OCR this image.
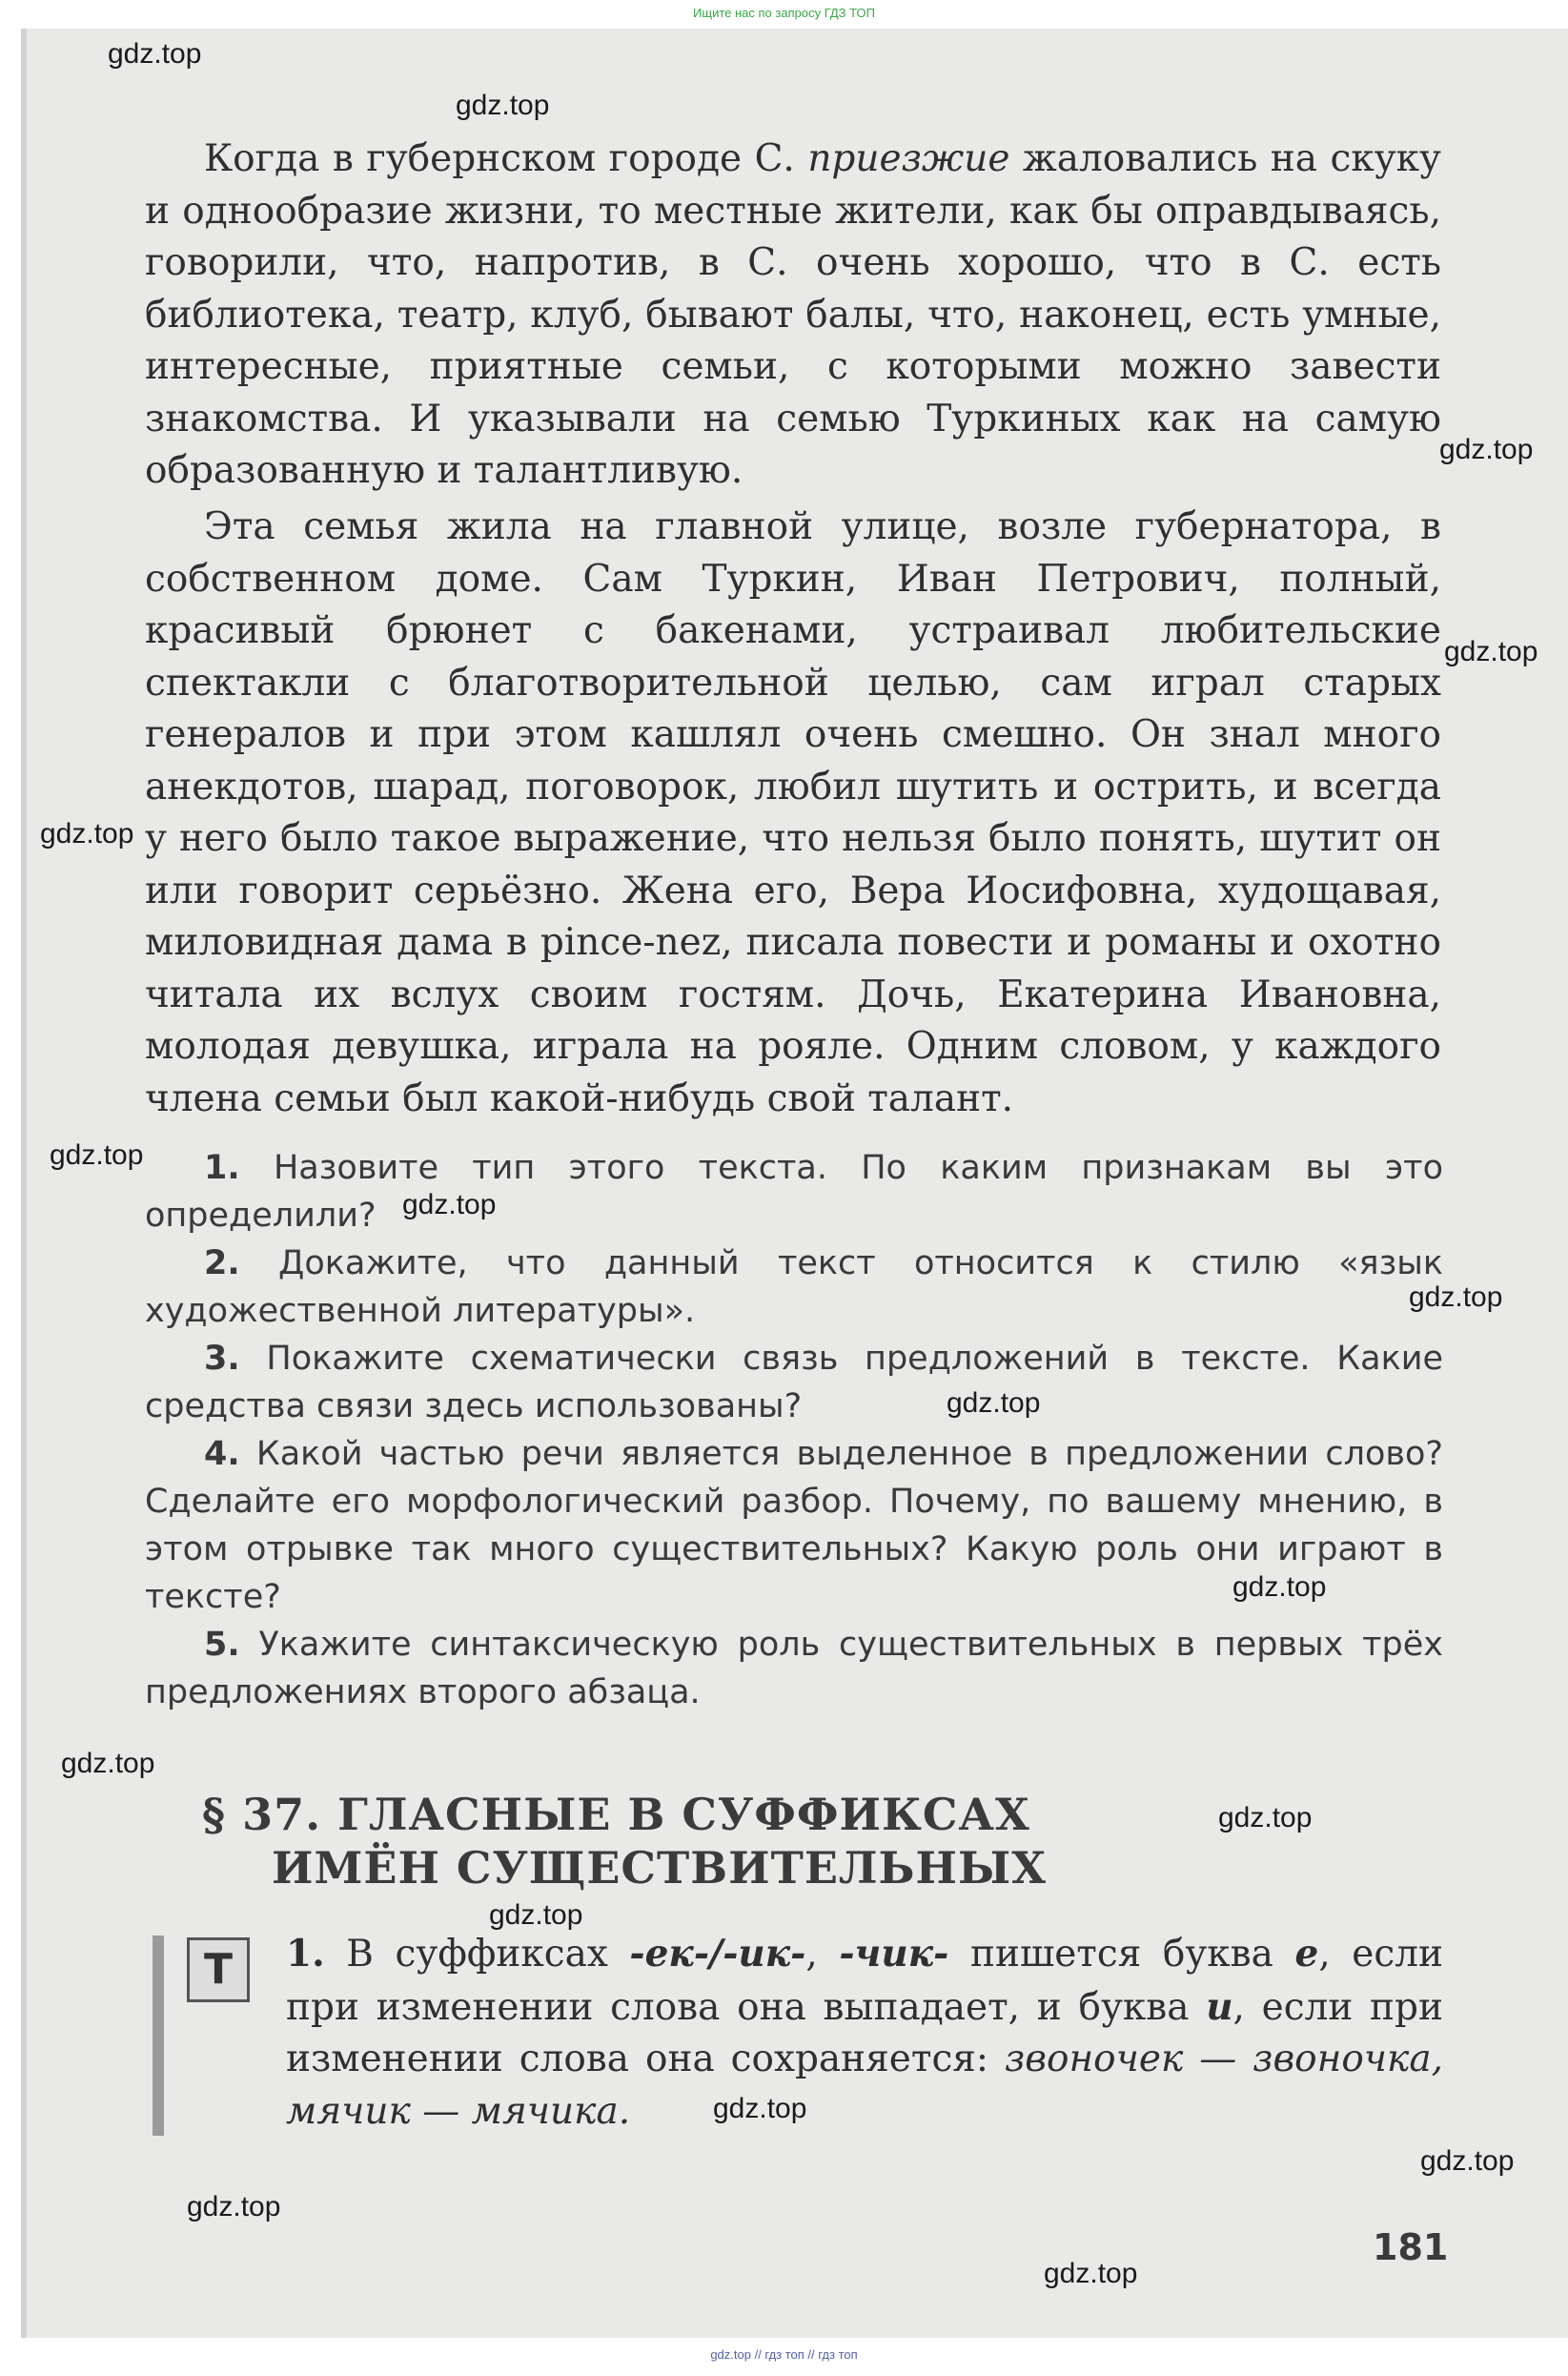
Ищите нас по запросу ГДЗ ТОП

Когда в губернском городе С. приезжие жаловались на скуку и однообразие жизни, то местные жители, как бы оправдываясь, говорили, что, напротив, в С. очень хорошо, что в С. есть библиотека, театр, клуб, бывают балы, что, наконец, есть умные, интересные, приятные семьи, с которыми можно завести знакомства. И указывали на семью Туркиных как на самую образованную и талантливую.

Эта семья жила на главной улице, возле губернатора, в собственном доме. Сам Туркин, Иван Петрович, полный, красивый брюнет с бакенами, устраивал любительские спектакли с благотворительной целью, сам играл старых генералов и при этом кашлял очень смешно. Он знал много анекдотов, шарад, поговорок, любил шутить и острить, и всегда у него было такое выражение, что нельзя было понять, шутит он или говорит серьёзно. Жена его, Вера Иосифовна, худощавая, миловидная дама в pince-nez, писала повести и романы и охотно читала их вслух своим гостям. Дочь, Екатерина Ивановна, молодая девушка, играла на рояле. Одним словом, у каждого члена семьи был какой-нибудь свой талант.

1. Назовите тип этого текста. По каким признакам вы это определили?

2. Докажите, что данный текст относится к стилю «язык художественной литературы».

3. Покажите схематически связь предложений в тексте. Какие средства связи здесь использованы?

4. Какой частью речи является выделенное в предложении слово? Сделайте его морфологический разбор. Почему, по вашему мнению, в этом отрывке так много существительных? Какую роль они играют в тексте?

5. Укажите синтаксическую роль существительных в первых трёх предложениях второго абзаца.

§ 37. ГЛАСНЫЕ В СУФФИКСАХ
ИМЁН СУЩЕСТВИТЕЛЬНЫХ
Т	1. В суффиксах -ек-/-ик-, -чик- пишется буква е, если при изменении слова она выпадает, и буква и, если при изменении слова она сохраняется: звоночек — звоночка, мячик — мячика.

181
gdz.top
gdz.top
gdz.top
gdz.top
gdz.top
gdz.top
gdz.top
gdz.top
gdz.top
gdz.top
gdz.top
gdz.top
gdz.top
gdz.top
gdz.top
gdz.top
gdz.top
gdz.top // гдз топ // гдз топ
